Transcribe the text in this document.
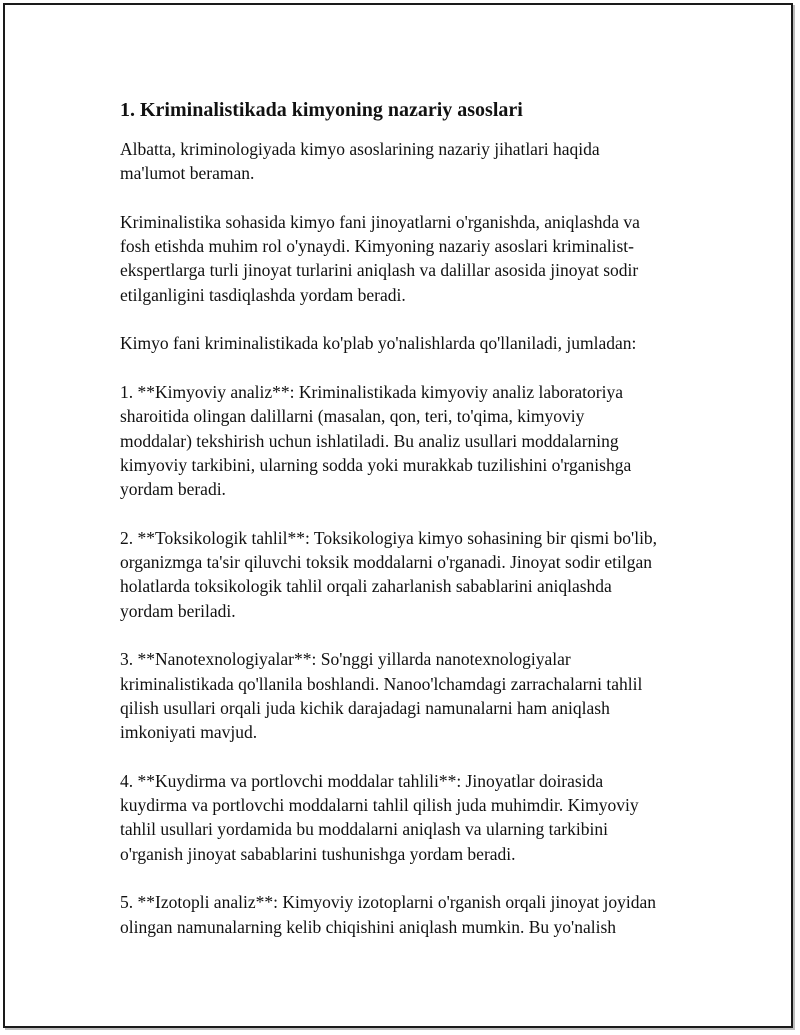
1. Kriminalistikada kimyoning nazariy asoslari

Albatta, kriminologiyada kimyo asoslarining nazariy jihatlari haqida
ma'lumot beraman.

Kriminalistika sohasida kimyo fani jinoyatlarni o'rganishda, aniqlashda va
fosh etishda muhim rol o'ynaydi. Kimyoning nazariy asoslari kriminalist-
ekspertlarga turli jinoyat turlarini aniqlash va dalillar asosida jinoyat sodir
etilganligini tasdiqlashda yordam beradi.

Kimyo fani kriminalistikada ko'plab yo'nalishlarda qo'llaniladi, jumladan:

1. **Kimyoviy analiz**: Kriminalistikada kimyoviy analiz laboratoriya
sharoitida olingan dalillarni (masalan, qon, teri, to'qima, kimyoviy
moddalar) tekshirish uchun ishlatiladi. Bu analiz usullari moddalarning
kimyoviy tarkibini, ularning sodda yoki murakkab tuzilishini o'rganishga
yordam beradi.

2. **Toksikologik tahlil**: Toksikologiya kimyo sohasining bir qismi bo'lib,
organizmga ta'sir qiluvchi toksik moddalarni o'rganadi. Jinoyat sodir etilgan
holatlarda toksikologik tahlil orqali zaharlanish sabablarini aniqlashda
yordam beriladi.

3. **Nanotexnologiyalar**: So'nggi yillarda nanotexnologiyalar
kriminalistikada qo'llanila boshlandi. Nanoo'lchamdagi zarrachalarni tahlil
qilish usullari orqali juda kichik darajadagi namunalarni ham aniqlash
imkoniyati mavjud.

4. **Kuydirma va portlovchi moddalar tahlili**: Jinoyatlar doirasida
kuydirma va portlovchi moddalarni tahlil qilish juda muhimdir. Kimyoviy
tahlil usullari yordamida bu moddalarni aniqlash va ularning tarkibini
o'rganish jinoyat sabablarini tushunishga yordam beradi.

5. **Izotopli analiz**: Kimyoviy izotoplarni o'rganish orqali jinoyat joyidan
olingan namunalarning kelib chiqishini aniqlash mumkin. Bu yo'nalish
